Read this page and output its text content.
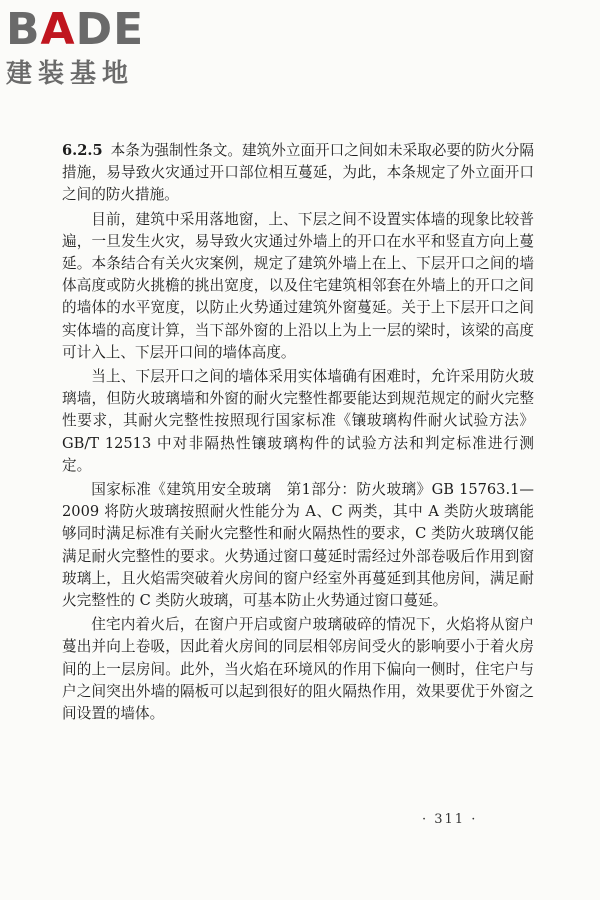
BADE
建装基地

6.2.5 本条为强制性条文。建筑外立面开口之间如未采取必要的防火分隔措施，易导致火灾通过开口部位相互蔓延，为此，本条规定了外立面开口之间的防火措施。

目前，建筑中采用落地窗，上、下层之间不设置实体墙的现象比较普遍，一旦发生火灾，易导致火灾通过外墙上的开口在水平和竖直方向上蔓延。本条结合有关火灾案例，规定了建筑外墙上在上、下层开口之间的墙体高度或防火挑檐的挑出宽度，以及住宅建筑相邻套在外墙上的开口之间的墙体的水平宽度，以防止火势通过建筑外窗蔓延。关于上下层开口之间实体墙的高度计算，当下部外窗的上沿以上为上一层的梁时，该梁的高度可计入上、下层开口间的墙体高度。

当上、下层开口之间的墙体采用实体墙确有困难时，允许采用防火玻璃墙，但防火玻璃墙和外窗的耐火完整性都要能达到规范规定的耐火完整性要求，其耐火完整性按照现行国家标准《镶玻璃构件耐火试验方法》GB/T 12513 中对非隔热性镶玻璃构件的试验方法和判定标准进行测定。

国家标准《建筑用安全玻璃　第1部分：防火玻璃》GB 15763.1—2009 将防火玻璃按照耐火性能分为 A、C 两类，其中 A 类防火玻璃能够同时满足标准有关耐火完整性和耐火隔热性的要求，C 类防火玻璃仅能满足耐火完整性的要求。火势通过窗口蔓延时需经过外部卷吸后作用到窗玻璃上，且火焰需突破着火房间的窗户经室外再蔓延到其他房间，满足耐火完整性的 C 类防火玻璃，可基本防止火势通过窗口蔓延。

住宅内着火后，在窗户开启或窗户玻璃破碎的情况下，火焰将从窗户蔓出并向上卷吸，因此着火房间的同层相邻房间受火的影响要小于着火房间的上一层房间。此外，当火焰在环境风的作用下偏向一侧时，住宅户与户之间突出外墙的隔板可以起到很好的阻火隔热作用，效果要优于外窗之间设置的墙体。

· 311 ·
